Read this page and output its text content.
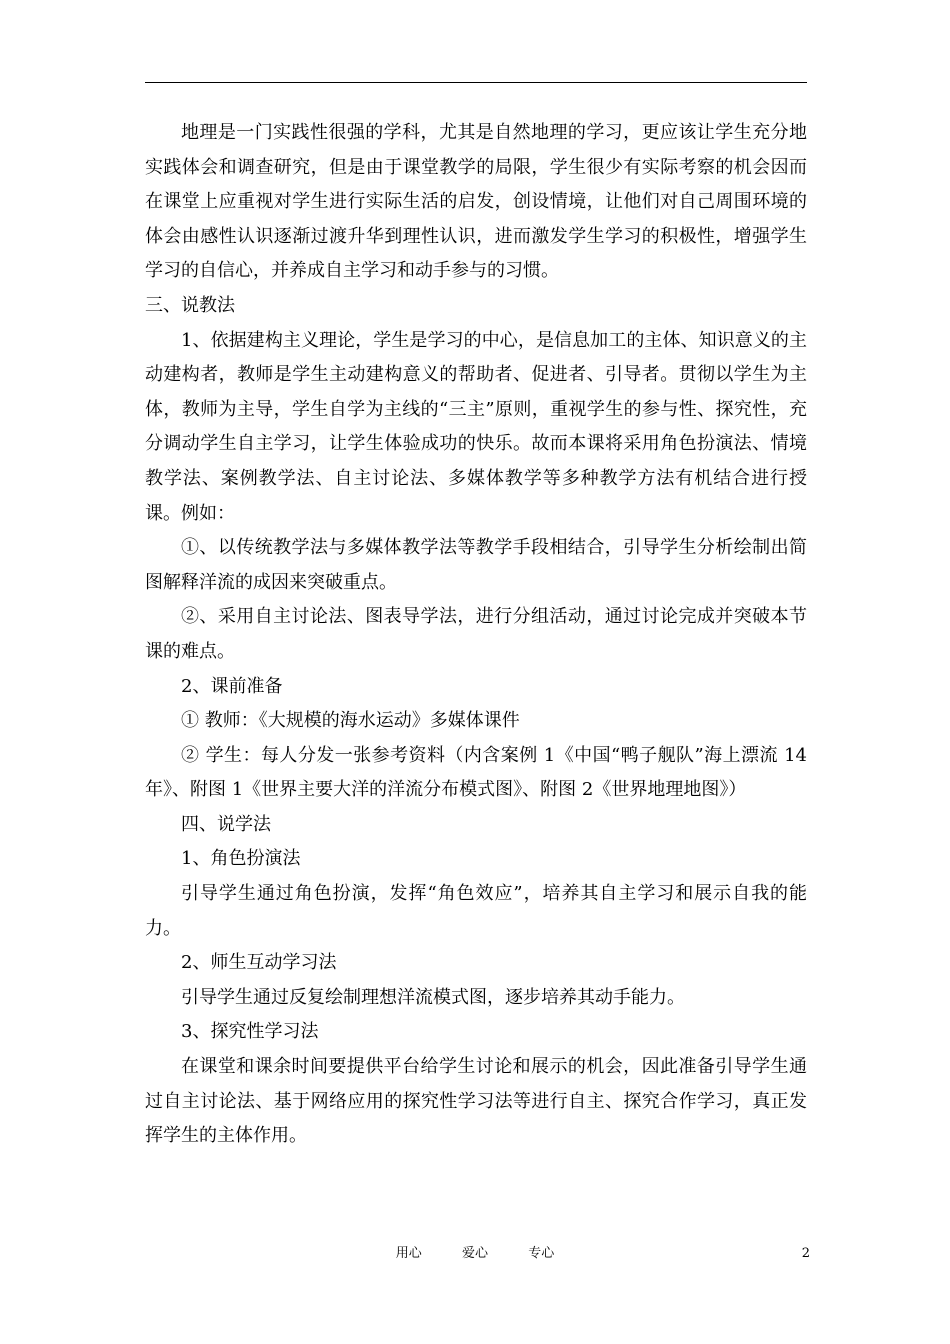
地理是一门实践性很强的学科，尤其是自然地理的学习，更应该让学生充分地实践体会和调查研究，但是由于课堂教学的局限，学生很少有实际考察的机会因而在课堂上应重视对学生进行实际生活的启发，创设情境，让他们对自己周围环境的体会由感性认识逐渐过渡升华到理性认识，进而激发学生学习的积极性，增强学生学习的自信心，并养成自主学习和动手参与的习惯。

三、说教法

1、依据建构主义理论，学生是学习的中心，是信息加工的主体、知识意义的主动建构者，教师是学生主动建构意义的帮助者、促进者、引导者。贯彻以学生为主体，教师为主导，学生自学为主线的“三主”原则，重视学生的参与性、探究性，充分调动学生自主学习，让学生体验成功的快乐。故而本课将采用角色扮演法、情境教学法、案例教学法、自主讨论法、多媒体教学等多种教学方法有机结合进行授课。例如：

①、以传统教学法与多媒体教学法等教学手段相结合，引导学生分析绘制出简图解释洋流的成因来突破重点。

②、采用自主讨论法、图表导学法，进行分组活动，通过讨论完成并突破本节课的难点。

2、课前准备

① 教师：《大规模的海水运动》多媒体课件

② 学生：每人分发一张参考资料（内含案例 1《中国“鸭子舰队”海上漂流 14 年》、附图 1《世界主要大洋的洋流分布模式图》、附图 2《世界地理地图》）

四、说学法

1、角色扮演法

引导学生通过角色扮演，发挥“角色效应”，培养其自主学习和展示自我的能力。

2、师生互动学习法

引导学生通过反复绘制理想洋流模式图，逐步培养其动手能力。

3、探究性学习法

在课堂和课余时间要提供平台给学生讨论和展示的机会，因此准备引导学生通过自主讨论法、基于网络应用的探究性学习法等进行自主、探究合作学习，真正发挥学生的主体作用。

用心  爱心  专心	2
